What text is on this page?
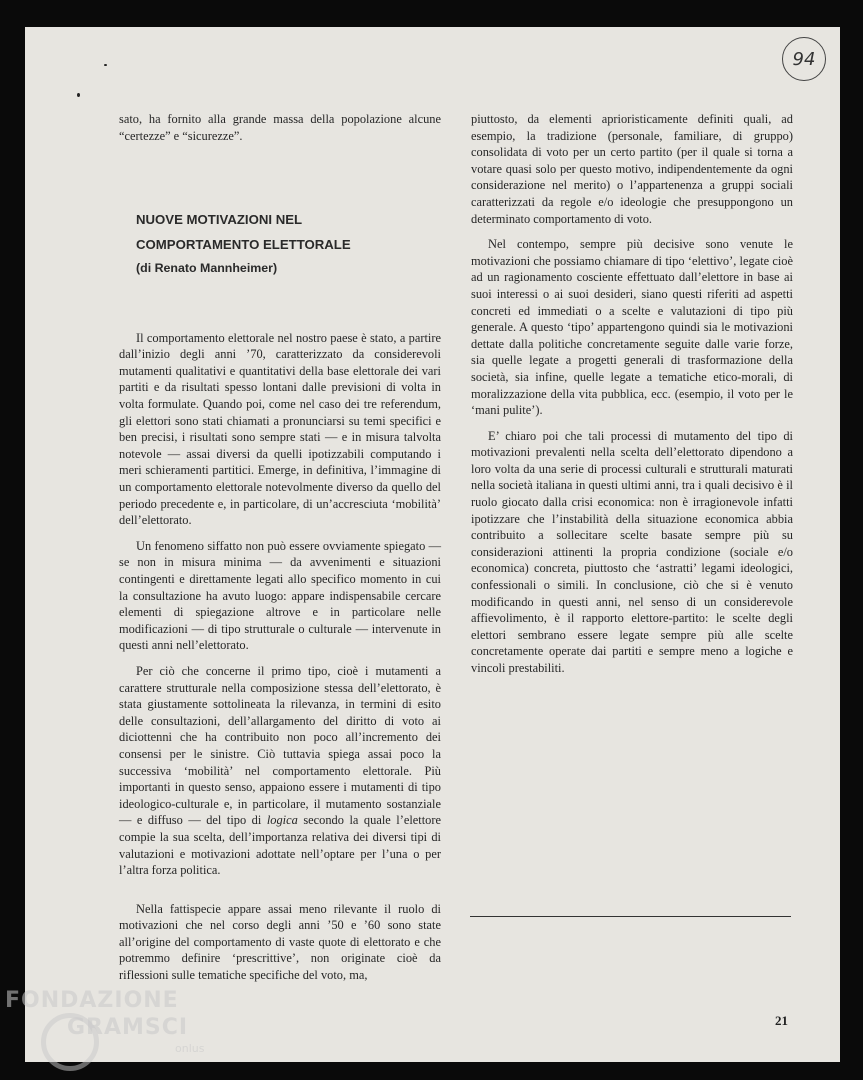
94

sato, ha fornito alla grande massa della popolazione alcune “certezze” e “sicurezze”.

NUOVE MOTIVAZIONI NEL

COMPORTAMENTO ELETTORALE

(di Renato Mannheimer)

Il comportamento elettorale nel nostro paese è stato, a partire dall’inizio degli anni ’70, caratterizzato da considerevoli mutamenti qualitativi e quantitativi della base elettorale dei vari partiti e da risultati spesso lontani dalle previsioni di volta in volta formulate. Quando poi, come nel caso dei tre referendum, gli elettori sono stati chiamati a pronunciarsi su temi specifici e ben precisi, i risultati sono sempre stati — e in misura talvolta notevole — assai diversi da quelli ipotizzabili computando i meri schieramenti partitici. Emerge, in definitiva, l’immagine di un comportamento elettorale notevolmente diverso da quello del periodo precedente e, in particolare, di un’accresciuta ‘mobilità’ dell’elettorato.

Un fenomeno siffatto non può essere ovviamente spiegato — se non in misura minima — da avvenimenti e situazioni contingenti e direttamente legati allo specifico momento in cui la consultazione ha avuto luogo: appare indispensabile cercare elementi di spiegazione altrove e in particolare nelle modificazioni — di tipo strutturale o culturale — intervenute in questi anni nell’elettorato.

Per ciò che concerne il primo tipo, cioè i mutamenti a carattere strutturale nella composizione stessa dell’elettorato, è stata giustamente sottolineata la rilevanza, in termini di esito delle consultazioni, dell’allargamento del diritto di voto ai diciottenni che ha contribuito non poco all’incremento dei consensi per le sinistre. Ciò tuttavia spiega assai poco la successiva ‘mobilità’ nel comportamento elettorale. Più importanti in questo senso, appaiono essere i mutamenti di tipo ideologico-culturale e, in particolare, il mutamento sostanziale — e diffuso — del tipo di logica secondo la quale l’elettore compie la sua scelta, dell’importanza relativa dei diversi tipi di valutazioni e motivazioni adottate nell’optare per l’una o per l’altra forza politica.

Nella fattispecie appare assai meno rilevante il ruolo di motivazioni che nel corso degli anni ’50 e ’60 sono state all’origine del comportamento di vaste quote di elettorato e che potremmo definire ‘prescrittive’, non originate cioè da riflessioni sulle tematiche specifiche del voto, ma,

piuttosto, da elementi aprioristicamente definiti quali, ad esempio, la tradizione (personale, familiare, di gruppo) consolidata di voto per un certo partito (per il quale si torna a votare quasi solo per questo motivo, indipendentemente da ogni considerazione nel merito) o l’appartenenza a gruppi sociali caratterizzati da regole e/o ideologie che presuppongono un determinato comportamento di voto.

Nel contempo, sempre più decisive sono venute le motivazioni che possiamo chiamare di tipo ‘elettivo’, legate cioè ad un ragionamento cosciente effettuato dall’elettore in base ai suoi interessi o ai suoi desideri, siano questi riferiti ad aspetti concreti ed immediati o a scelte e valutazioni di tipo più generale. A questo ‘tipo’ appartengono quindi sia le motivazioni dettate dalla politiche concretamente seguite dalle varie forze, sia quelle legate a progetti generali di trasformazione della società, sia infine, quelle legate a tematiche etico-morali, di moralizzazione della vita pubblica, ecc. (esempio, il voto per le ‘mani pulite’).

E’ chiaro poi che tali processi di mutamento del tipo di motivazioni prevalenti nella scelta dell’elettorato dipendono a loro volta da una serie di processi culturali e strutturali maturati nella società italiana in questi ultimi anni, tra i quali decisivo è il ruolo giocato dalla crisi economica: non è irragionevole infatti ipotizzare che l’instabilità della situazione economica abbia contribuito a sollecitare scelte basate sempre più su considerazioni attinenti la propria condizione (sociale e/o economica) concreta, piuttosto che ‘astratti’ legami ideologici, confessionali o simili. In conclusione, ciò che si è venuto modificando in questi anni, nel senso di un considerevole affievolimento, è il rapporto elettore-partito: le scelte degli elettori sembrano essere legate sempre più alle scelte concretamente operate dai partiti e sempre meno a logiche e vincoli prestabiliti.

21
FONDAZIONE
GRAMSCI
onlus
